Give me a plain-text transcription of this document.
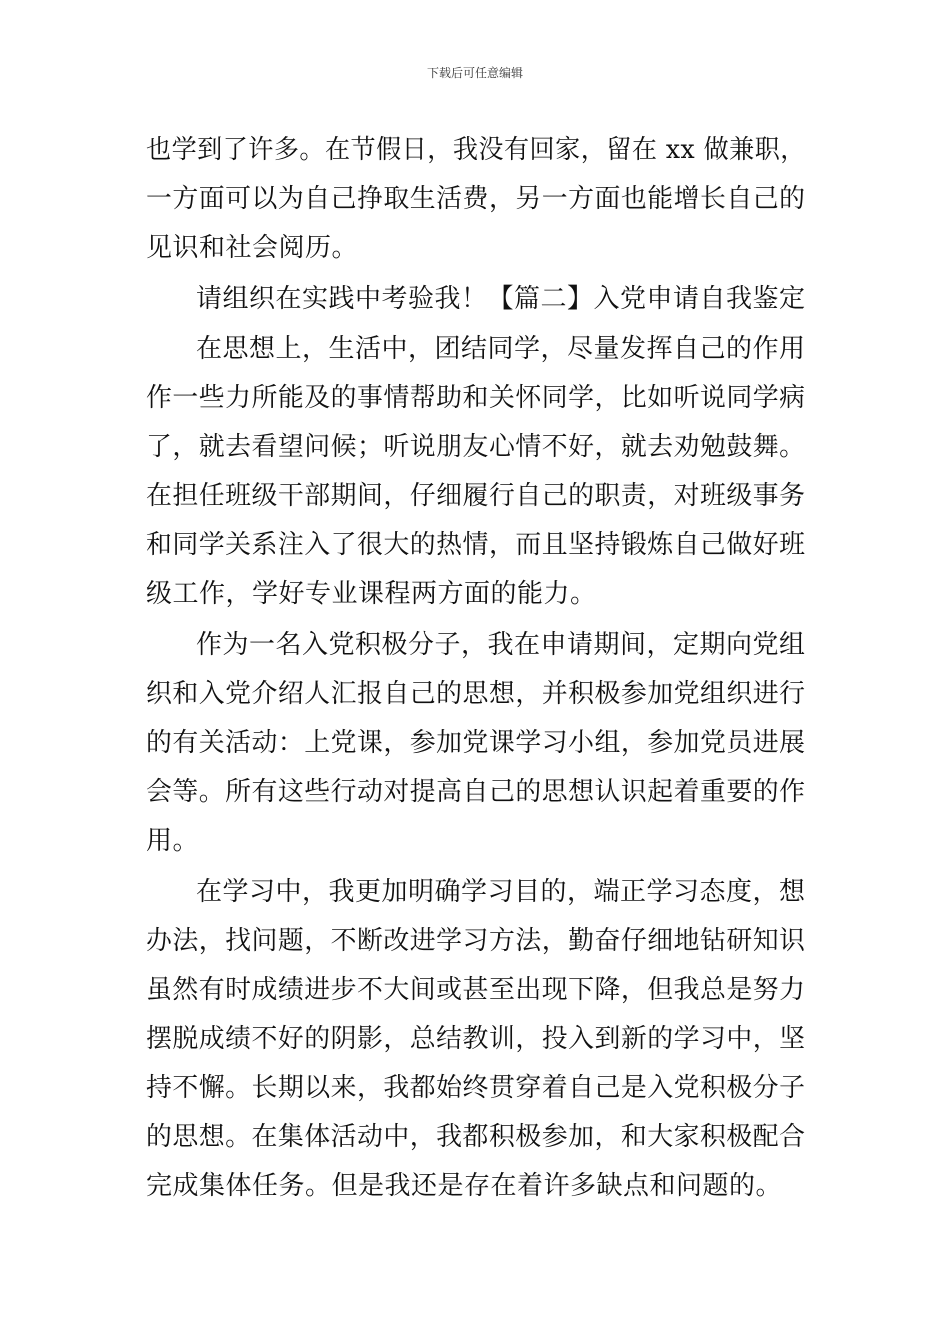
下载后可任意编辑
也学到了许多。在节假日，我没有回家，留在 xx 做兼职，
一方面可以为自己挣取生活费，另一方面也能增长自己的
见识和社会阅历。
请组织在实践中考验我！【篇二】入党申请自我鉴定
在思想上，生活中，团结同学，尽量发挥自己的作用
作一些力所能及的事情帮助和关怀同学，比如听说同学病
了，就去看望问候；听说朋友心情不好，就去劝勉鼓舞。
在担任班级干部期间，仔细履行自己的职责，对班级事务
和同学关系注入了很大的热情，而且坚持锻炼自己做好班
级工作，学好专业课程两方面的能力。
作为一名入党积极分子，我在申请期间，定期向党组
织和入党介绍人汇报自己的思想，并积极参加党组织进行
的有关活动：上党课，参加党课学习小组，参加党员进展
会等。所有这些行动对提高自己的思想认识起着重要的作
用。
在学习中，我更加明确学习目的，端正学习态度，想
办法，找问题，不断改进学习方法，勤奋仔细地钻研知识
虽然有时成绩进步不大间或甚至出现下降，但我总是努力
摆脱成绩不好的阴影，总结教训，投入到新的学习中，坚
持不懈。长期以来，我都始终贯穿着自己是入党积极分子
的思想。在集体活动中，我都积极参加，和大家积极配合
完成集体任务。但是我还是存在着许多缺点和问题的。
